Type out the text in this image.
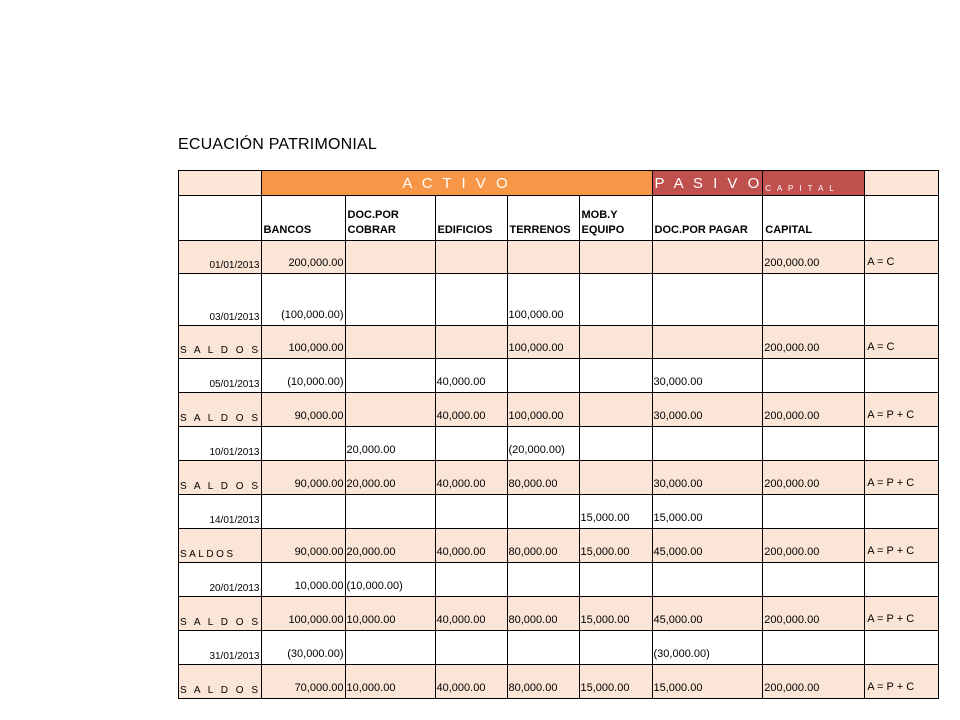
ECUACIÓN PATRIMONIAL
	A C T I V O					P A S I V O	C A P I T A L	
	BANCOS	DOC.POR COBRAR	EDIFICIOS	TERRENOS	MOB.Y EQUIPO	DOC.POR PAGAR	CAPITAL	
01/01/2013	200,000.00						200,000.00	A = C
03/01/2013	(100,000.00)			100,000.00				
S A L D O S	100,000.00			100,000.00			200,000.00	A = C
05/01/2013	(10,000.00)		40,000.00			30,000.00		
S A L D O S	90,000.00		40,000.00	100,000.00		30,000.00	200,000.00	A = P + C
10/01/2013		20,000.00		(20,000.00)				
S A L D O S	90,000.00	20,000.00	40,000.00	80,000.00		30,000.00	200,000.00	A = P + C
14/01/2013					15,000.00	15,000.00		
SALDOS	90,000.00	20,000.00	40,000.00	80,000.00	15,000.00	45,000.00	200,000.00	A = P + C
20/01/2013	10,000.00	(10,000.00)						
S A L D O S	100,000.00	10,000.00	40,000.00	80,000.00	15,000.00	45,000.00	200,000.00	A = P + C
31/01/2013	(30,000.00)					(30,000.00)		
S A L D O S	70,000.00	10,000.00	40,000.00	80,000.00	15,000.00	15,000.00	200,000.00	A = P + C
